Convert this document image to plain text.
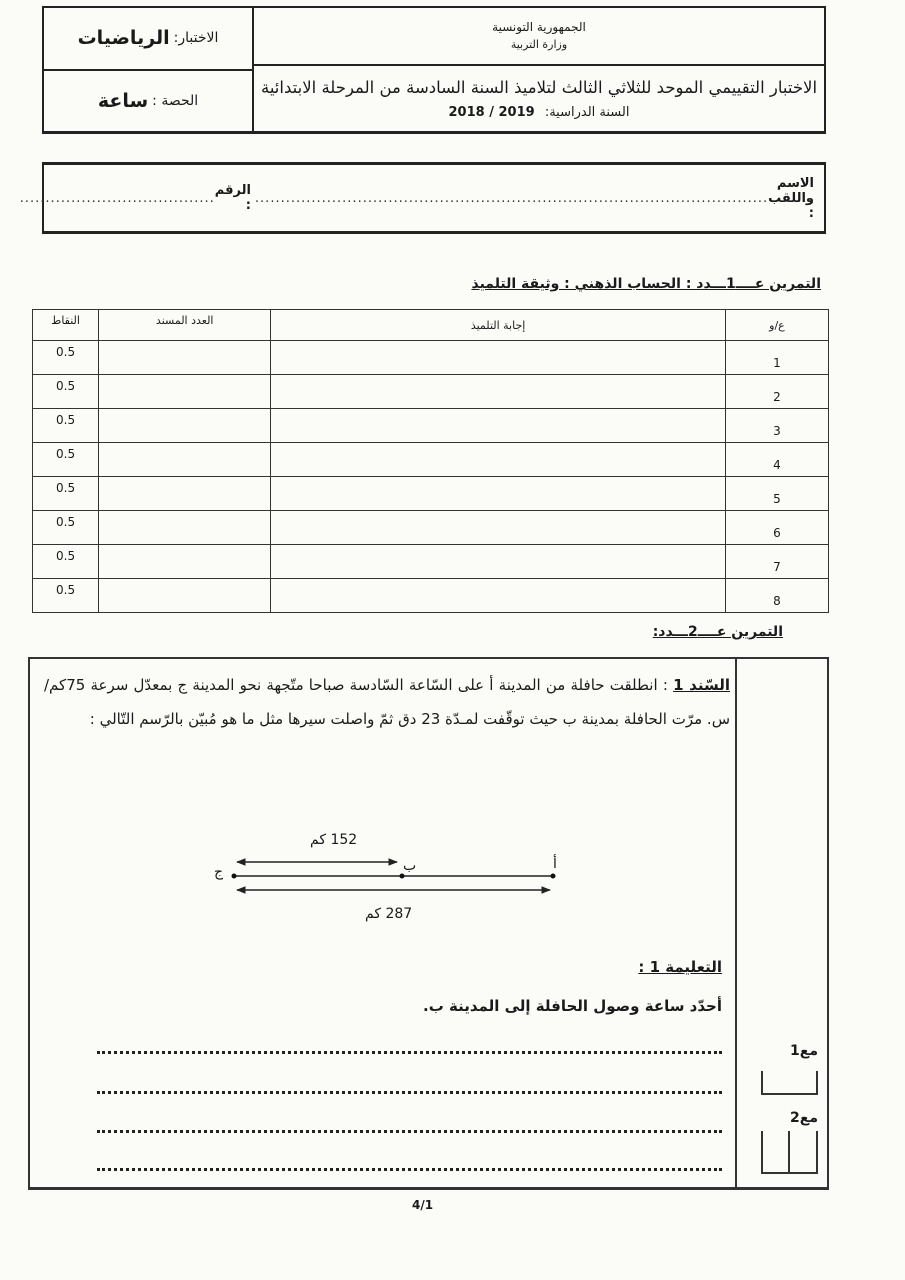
الاختبار:
الرياضيات
الحصة :
ساعة
الجمهورية التونسية
وزارة التربية
الاختبار التقييمي الموحد للثلاثي الثالث لتلاميذ السنة السادسة من المرحلة الابتدائية
السنة الدراسية: 2018 / 2019
الاسم واللقب :
....................................................................................................
الرقم :
......................................
التمرين عــــ1ـــدد : الحساب الذهني : وثيقة التلميذ
ع/و	إجابة التلميذ	العدد المسند	النقاط
1			0.5
2			0.5
3			0.5
4			0.5
5			0.5
6			0.5
7			0.5
8			0.5
التمرين عــــ2ـــدد:
السّند 1 : انطلقت حافلة من المدينة أ على السّاعة السّادسة صباحا متّجهة نحو المدينة ج بمعدّل سرعة 75كم/س. مرّت الحافلة بمدينة ب حيث توقّفت لمـدّة 23 دق ثمّ واصلت سيرها مثل ما هو مُبيّن بالرّسم التّالي :
152 كم
ج	ب	أ
287 كم
التعليمة 1 :
أحدّد ساعة وصول الحافلة إلى المدينة ب.
مع1
مع2
4/1
